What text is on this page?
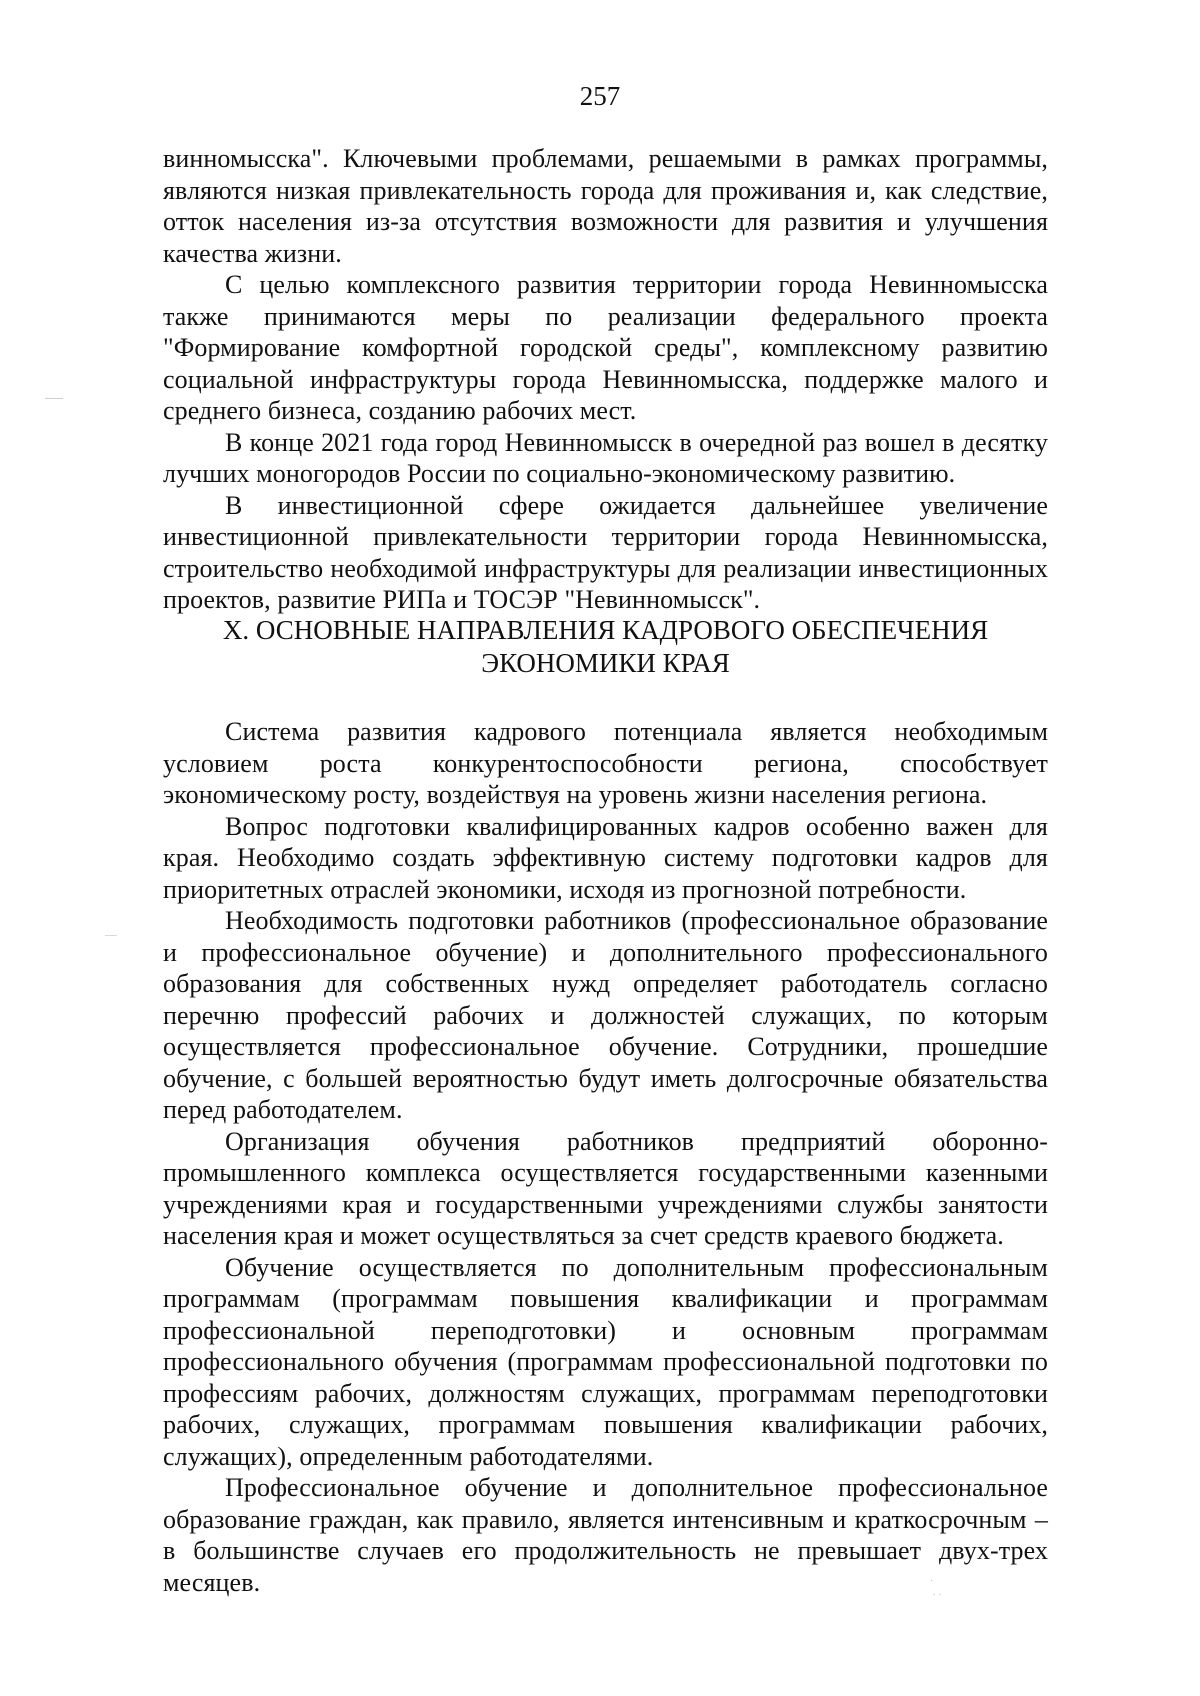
257

винномысска". Ключевыми проблемами, решаемыми в рамках программы, являются низкая привлекательность города для проживания и, как следствие, отток населения из-за отсутствия возможности для развития и улучшения качества жизни.

С целью комплексного развития территории города Невинномысска также принимаются меры по реализации федерального проекта "Формирование комфортной городской среды", комплексному развитию социальной инфраструктуры города Невинномысска, поддержке малого и среднего бизнеса, созданию рабочих мест.

В конце 2021 года город Невинномысск в очередной раз вошел в десятку лучших моногородов России по социально-экономическому развитию.

В инвестиционной сфере ожидается дальнейшее увеличение инвестиционной привлекательности территории города Невинномысска, строительство необходимой инфраструктуры для реализации инвестиционных проектов, развитие РИПа и ТОСЭР "Невинномысск".

X. ОСНОВНЫЕ НАПРАВЛЕНИЯ КАДРОВОГО ОБЕСПЕЧЕНИЯ
ЭКОНОМИКИ КРАЯ

Система развития кадрового потенциала является необходимым условием роста конкурентоспособности региона, способствует экономическому росту, воздействуя на уровень жизни населения региона.

Вопрос подготовки квалифицированных кадров особенно важен для края. Необходимо создать эффективную систему подготовки кадров для приоритетных отраслей экономики, исходя из прогнозной потребности.

Необходимость подготовки работников (профессиональное образование и профессиональное обучение) и дополнительного профессионального образования для собственных нужд определяет работодатель согласно перечню профессий рабочих и должностей служащих, по которым осуществляется профессиональное обучение. Сотрудники, прошедшие обучение, с большей вероятностью будут иметь долгосрочные обязательства перед работодателем.

Организация обучения работников предприятий оборонно-промышленного комплекса осуществляется государственными казенными учреждениями края и государственными учреждениями службы занятости населения края и может осуществляться за счет средств краевого бюджета.

Обучение осуществляется по дополнительным профессиональным программам (программам повышения квалификации и программам профессиональной переподготовки) и основным программам профессионального обучения (программам профессиональной подготовки по профессиям рабочих, должностям служащих, программам переподготовки рабочих, служащих, программам повышения квалификации рабочих, служащих), определенным работодателями.

Профессиональное обучение и дополнительное профессиональное образование граждан, как правило, является интенсивным и краткосрочным – в большинстве случаев его продолжительность не превышает двух-трех месяцев.	·
· ·
